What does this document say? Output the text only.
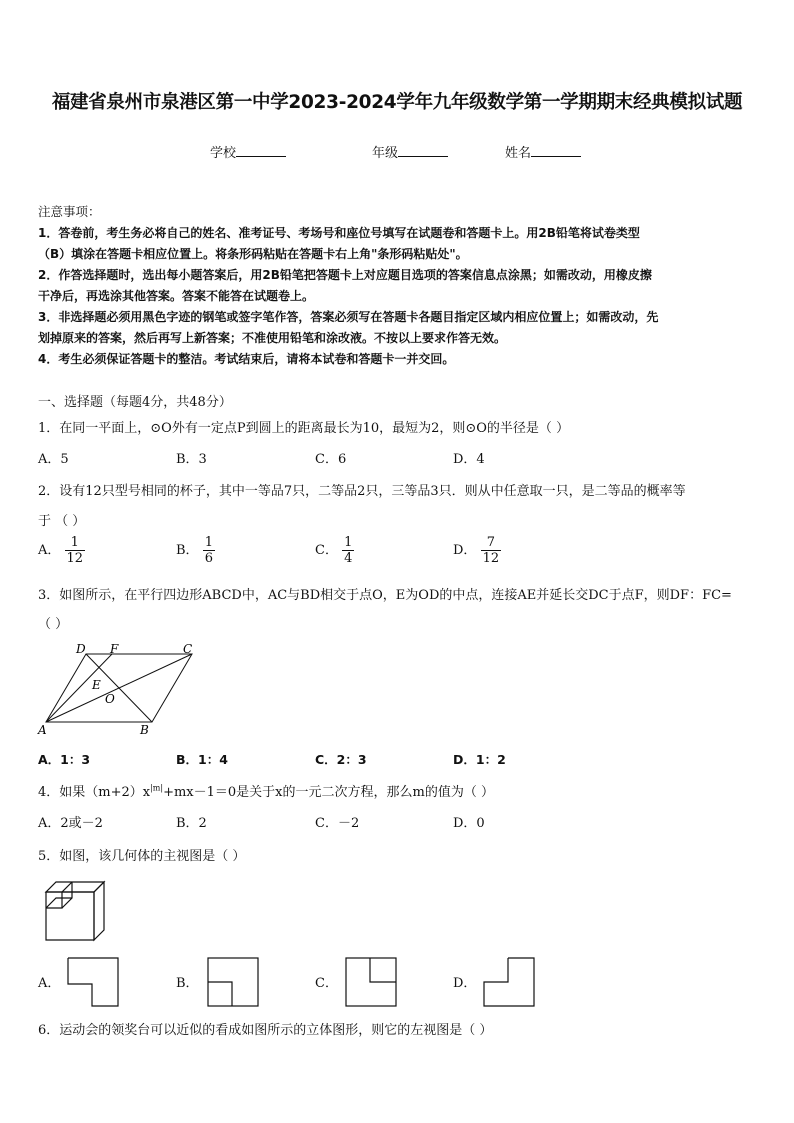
福建省泉州市泉港区第一中学2023-2024学年九年级数学第一学期期末经典模拟试题
学校	年级	姓名
注意事项：
1．答卷前，考生务必将自己的姓名、准考证号、考场号和座位号填写在试题卷和答题卡上。用2B铅笔将试卷类型
（B）填涂在答题卡相应位置上。将条形码粘贴在答题卡右上角"条形码粘贴处"。
2．作答选择题时，选出每小题答案后，用2B铅笔把答题卡上对应题目选项的答案信息点涂黑；如需改动，用橡皮擦
干净后，再选涂其他答案。答案不能答在试题卷上。
3．非选择题必须用黑色字迹的钢笔或签字笔作答，答案必须写在答题卡各题目指定区域内相应位置上；如需改动，先
划掉原来的答案，然后再写上新答案；不准使用铅笔和涂改液。不按以上要求作答无效。
4．考生必须保证答题卡的整洁。考试结束后，请将本试卷和答题卡一并交回。
一、选择题（每题4分，共48分）
1．在同一平面上，⊙O外有一定点P到圆上的距离最长为10，最短为2，则⊙O的半径是（ ）
A．5	B．3	C．6	D．4
2．设有12只型号相同的杯子，其中一等品7只，二等品2只，三等品3只．则从中任意取一只，是二等品的概率等
于 （ ）
A． $\frac{1}{12}$	B． $\frac{1}{6}$	C． $\frac{1}{4}$	D． $\frac{7}{12}$
3．如图所示，在平行四边形ABCD中，AC与BD相交于点O，E为OD的中点，连接AE并延长交DC于点F，则DF：FC=
（ ）
D F	C
E
O
A	B
A．1：3	B．1：4	C．2：3	D．1：2
4．如果$(m+2)x^{|m|}+mx-1=0$是关于x的一元二次方程，那么m的值为（ ）
A．2或－2	B．2	C．－2	D．0
5．如图，该几何体的主视图是（ ）
A．	B．	C．	D．
6．运动会的领奖台可以近似的看成如图所示的立体图形，则它的左视图是（ ）
